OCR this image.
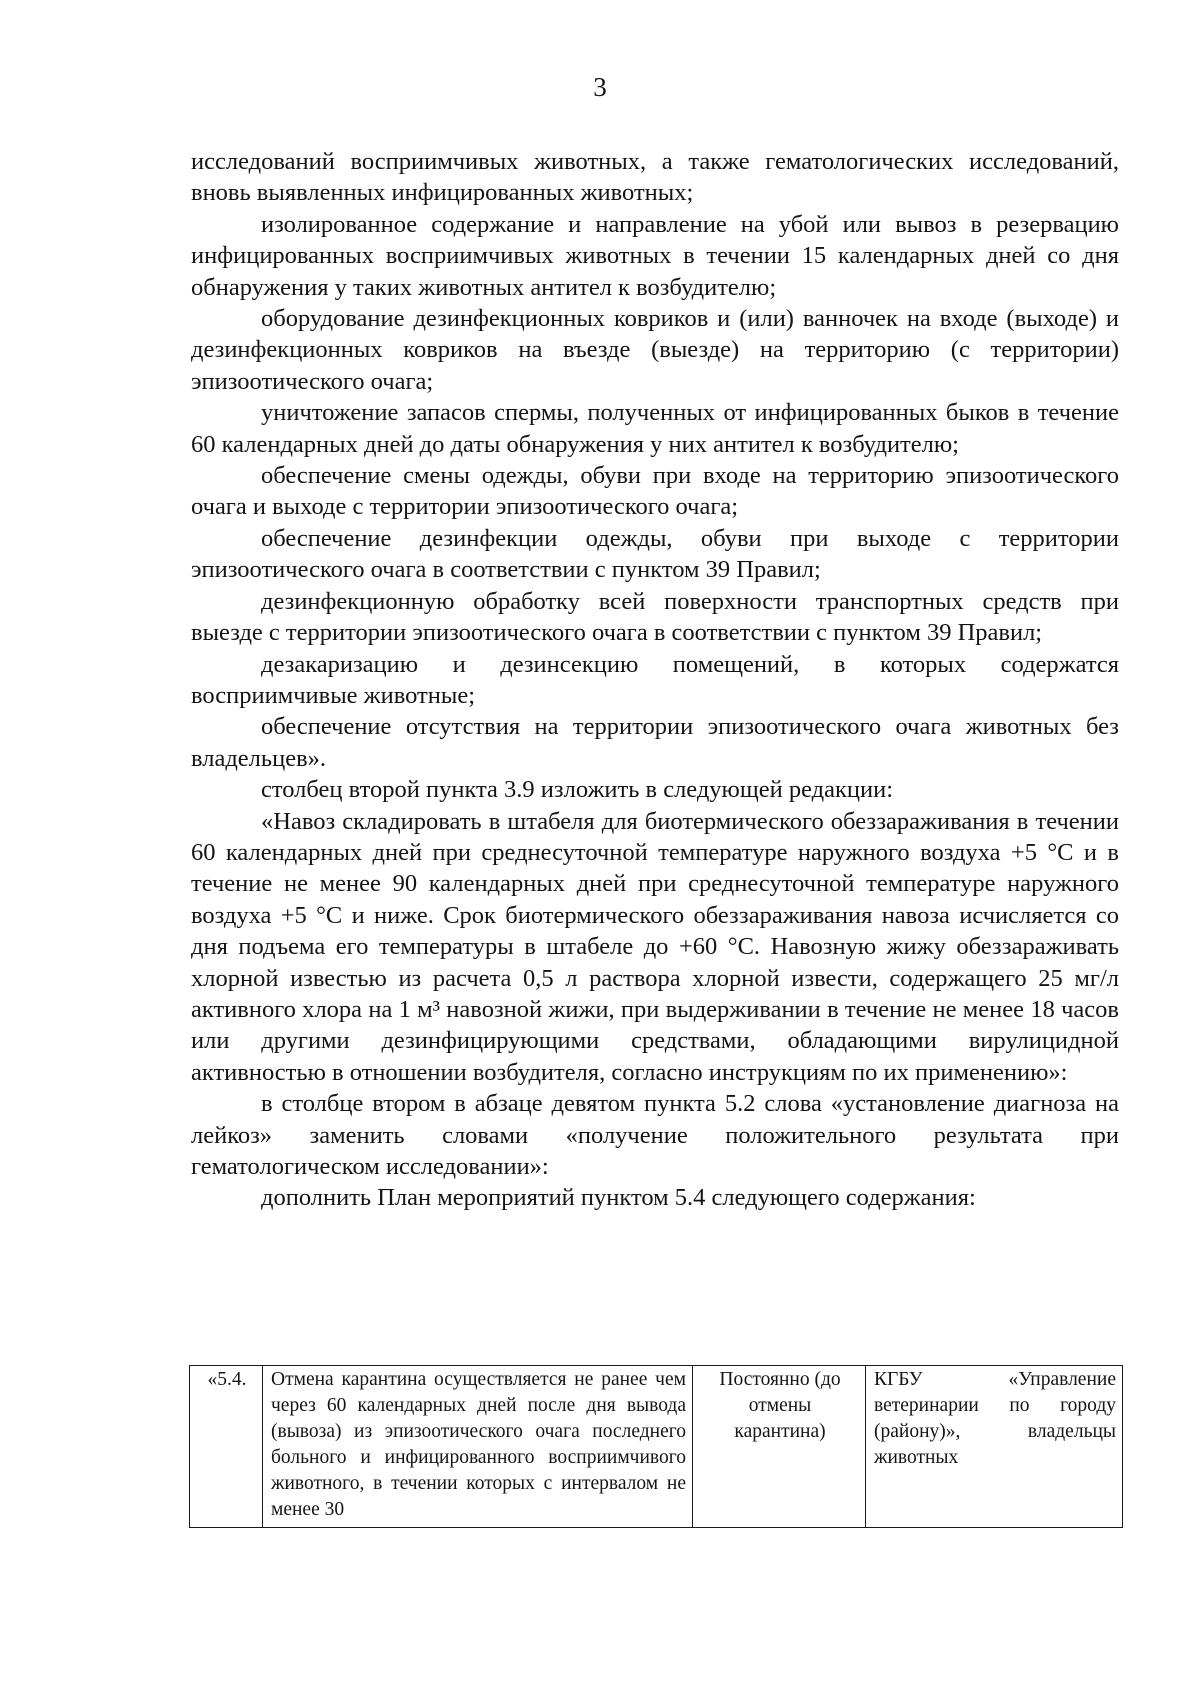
3

исследований восприимчивых животных, а также гематологических исследований, вновь выявленных инфицированных животных;

изолированное содержание и направление на убой или вывоз в резервацию инфицированных восприимчивых животных в течении 15 календарных дней со дня обнаружения у таких животных антител к возбудителю;

оборудование дезинфекционных ковриков и (или) ванночек на входе (выходе) и дезинфекционных ковриков на въезде (выезде) на территорию (с территории) эпизоотического очага;

уничтожение запасов спермы, полученных от инфицированных быков в течение 60 календарных дней до даты обнаружения у них антител к возбудителю;

обеспечение смены одежды, обуви при входе на территорию эпизоотического очага и выходе с территории эпизоотического очага;

обеспечение дезинфекции одежды, обуви при выходе с территории эпизоотического очага в соответствии с пунктом 39 Правил;

дезинфекционную обработку всей поверхности транспортных средств при выезде с территории эпизоотического очага в соответствии с пунктом 39 Правил;

дезакаризацию и дезинсекцию помещений, в которых содержатся восприимчивые животные;

обеспечение отсутствия на территории эпизоотического очага животных без владельцев».

столбец второй пункта 3.9 изложить в следующей редакции:

«Навоз складировать в штабеля для биотермического обеззараживания в течении 60 календарных дней при среднесуточной температуре наружного воздуха +5 °С и в течение не менее 90 календарных дней при среднесуточной температуре наружного воздуха +5 °С и ниже. Срок биотермического обеззараживания навоза исчисляется со дня подъема его температуры в штабеле до +60 °С. Навозную жижу обеззараживать хлорной известью из расчета 0,5 л раствора хлорной извести, содержащего 25 мг/л активного хлора на 1 м³ навозной жижи, при выдерживании в течение не менее 18 часов или другими дезинфицирующими средствами, обладающими вирулицидной активностью в отношении возбудителя, согласно инструкциям по их применению»:

в столбце втором в абзаце девятом пункта 5.2 слова «установление диагноза на лейкоз» заменить словами «получение положительного результата при гематологическом исследовании»:

дополнить План мероприятий пунктом 5.4 следующего содержания:

«5.4.	Отмена карантина осуществляется не ранее чем через 60 календарных дней после дня вывода (вывоза) из эпизоотического очага последнего больного и инфицированного восприимчивого животного, в течении которых с интервалом не менее 30	Постоянно (до отмены карантина)	КГБУ «Управление ветеринарии по городу (району)», владельцы животных
